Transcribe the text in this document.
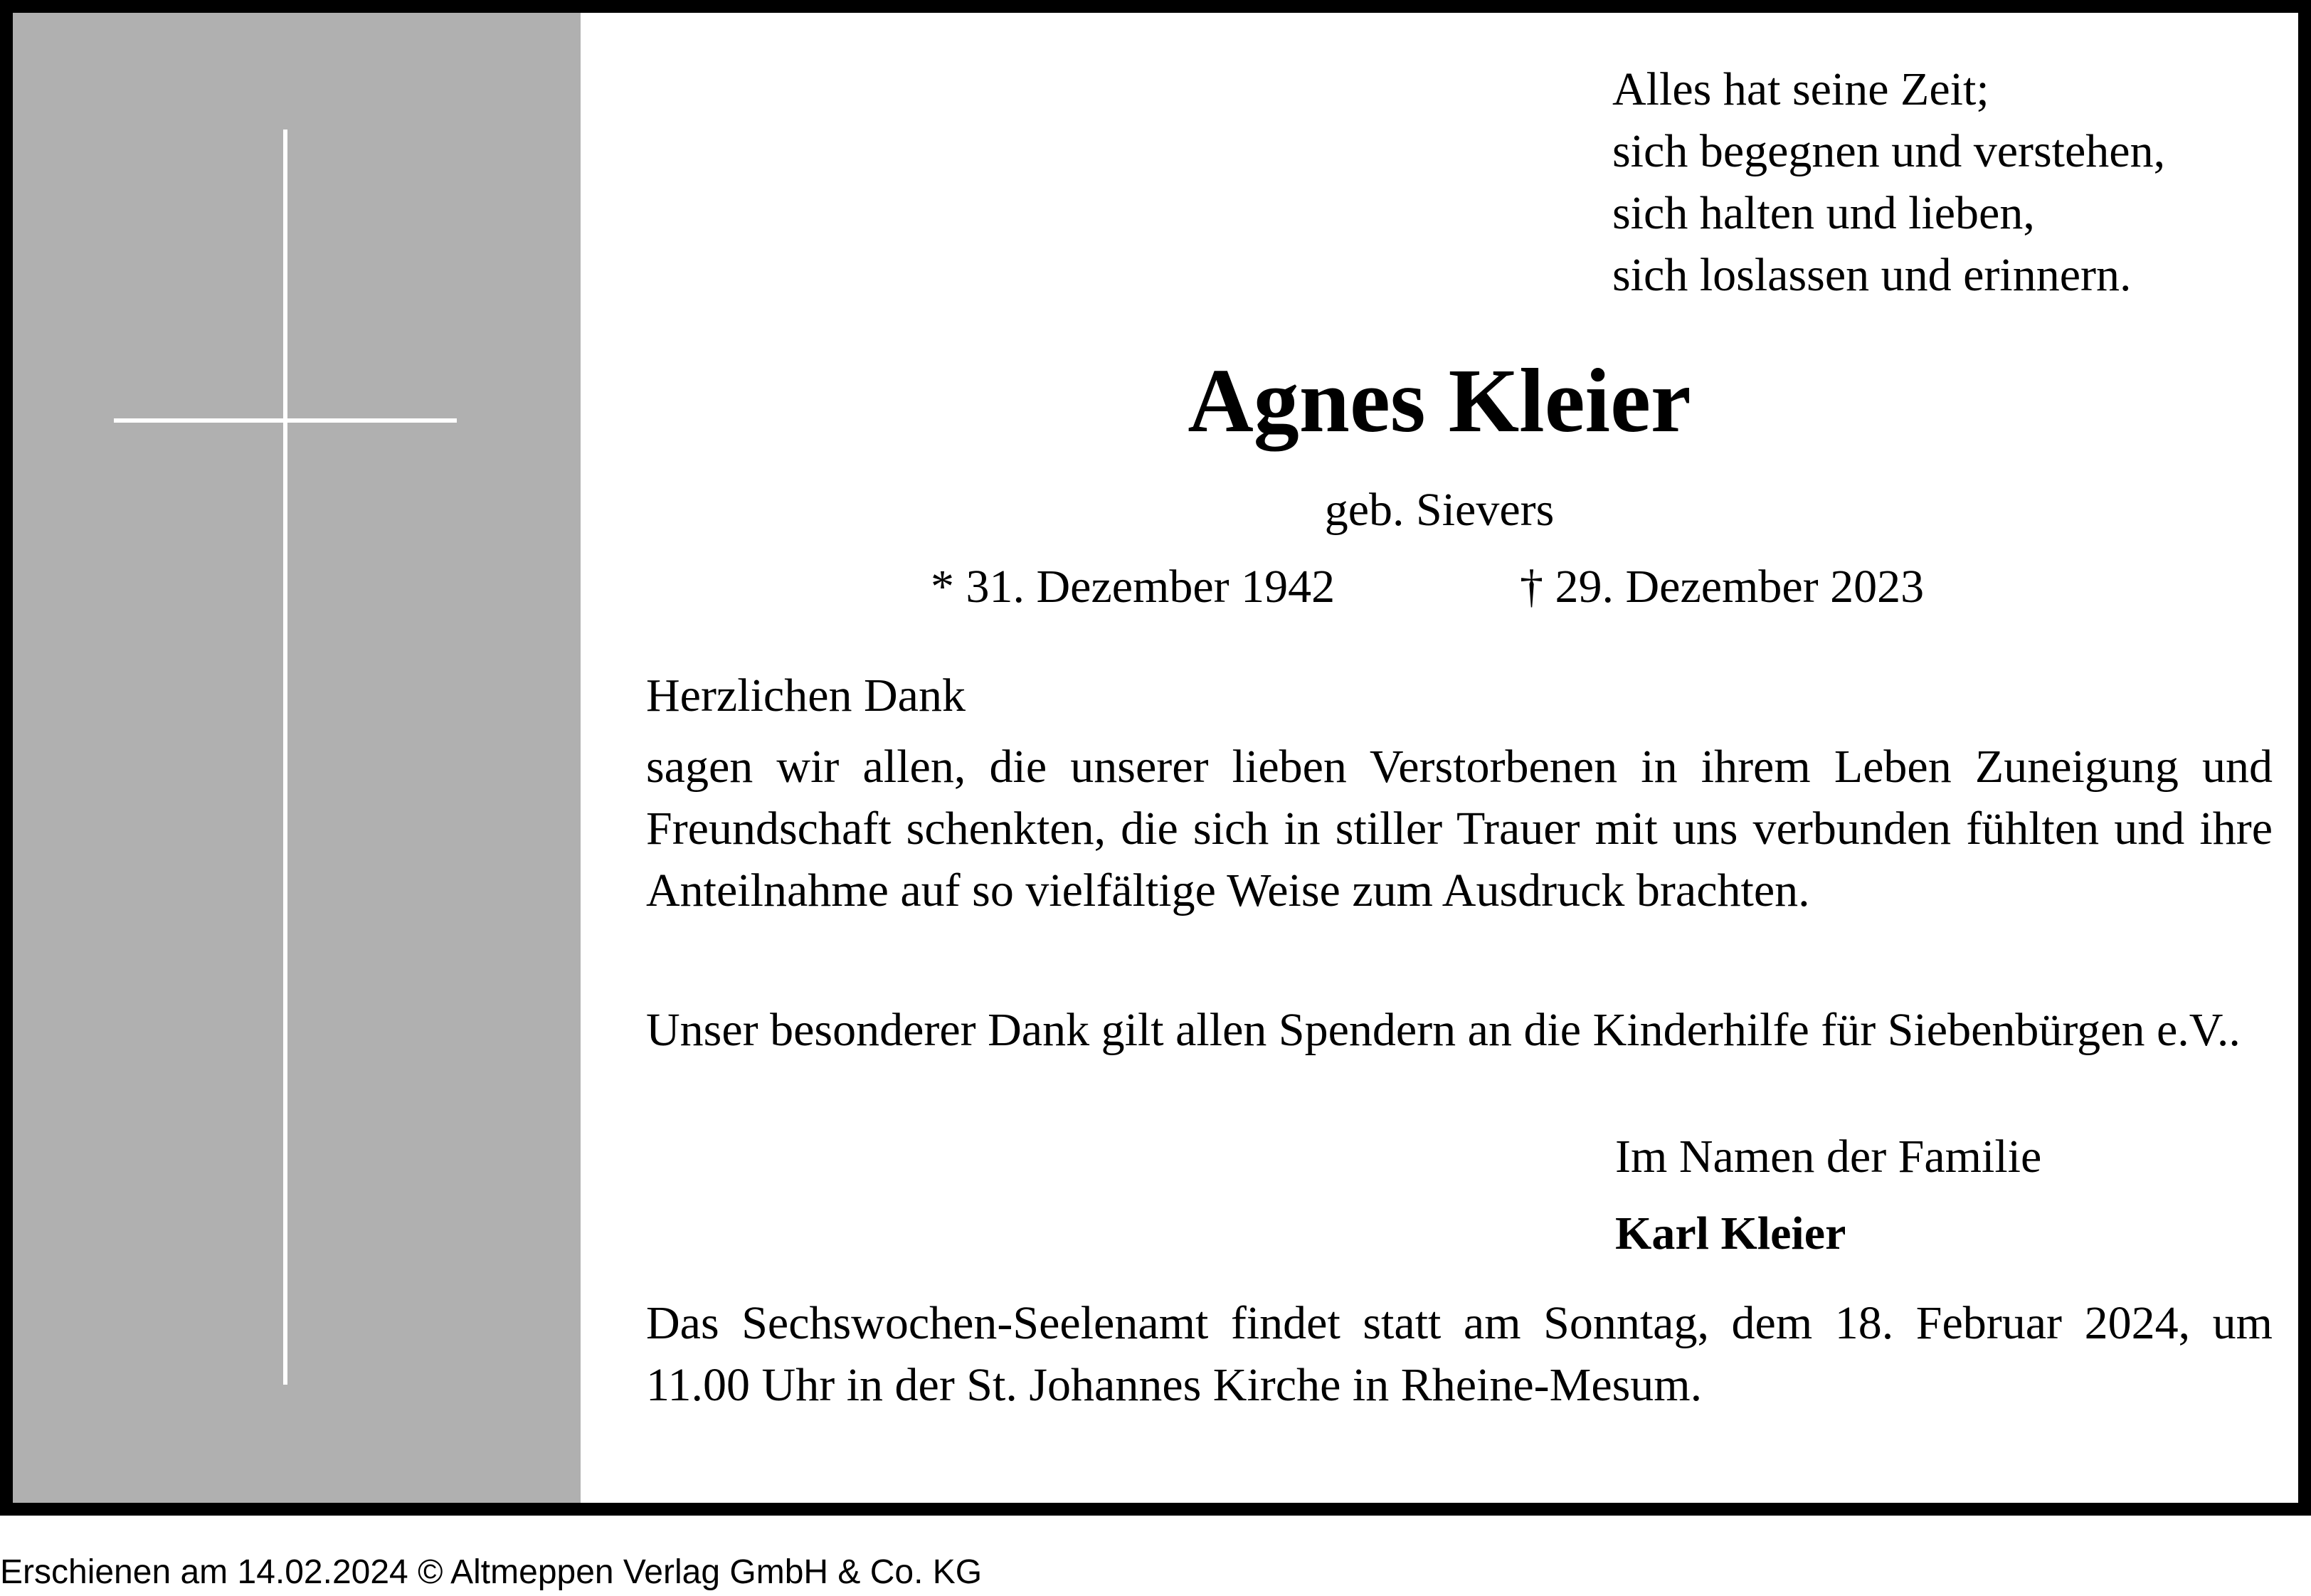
Alles hat seine Zeit;
sich begegnen und verstehen,
sich halten und lieben,
sich loslassen und erinnern.
Agnes Kleier
geb. Sievers
* 31. Dezember 1942	† 29. Dezember 2023
Herzlichen Dank
sagen wir allen, die unserer lieben Verstorbenen in ihrem Leben Zuneigung und Freundschaft schenkten, die sich in stiller Trauer mit uns verbunden fühlten und ihre Anteilnahme auf so vielfältige Weise zum Ausdruck brachten.
Unser besonderer Dank gilt allen Spendern an die Kinderhilfe für Siebenbürgen e.V..
Im Namen der Familie
Karl Kleier
Das Sechswochen-Seelenamt findet statt am Sonntag, dem 18. Februar 2024, um 11.00 Uhr in der St. Johannes Kirche in Rheine-Mesum.
Erschienen am 14.02.2024 © Altmeppen Verlag GmbH & Co. KG
